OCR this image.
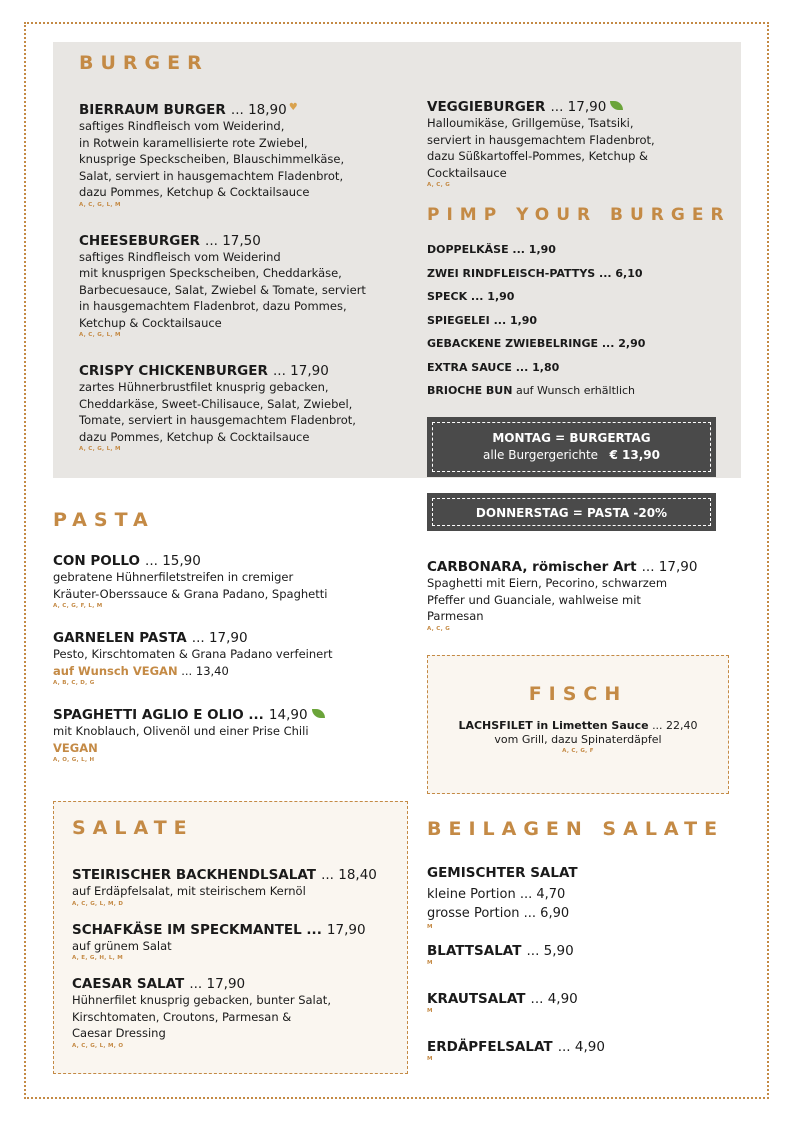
BURGER
BIERRAUM BURGER ... 18,90 ♥

saftiges Rindfleisch vom Weiderind,

in Rotwein karamellisierte rote Zwiebel,

knusprige Speckscheiben, Blauschimmelkäse,

Salat, serviert in hausgemachtem Fladenbrot,

dazu Pommes, Ketchup & Cocktailsauce

A, C, G, L, M

CHEESEBURGER ... 17,50

saftiges Rindfleisch vom Weiderind

mit knusprigen Speckscheiben, Cheddarkäse,

Barbecuesauce, Salat, Zwiebel & Tomate, serviert

in hausgemachtem Fladenbrot, dazu Pommes,

Ketchup & Cocktailsauce

A, C, G, L, M

CRISPY CHICKENBURGER ... 17,90

zartes Hühnerbrustfilet knusprig gebacken,

Cheddarkäse, Sweet-Chilisauce, Salat, Zwiebel,

Tomate, serviert in hausgemachtem Fladenbrot,

dazu Pommes, Ketchup & Cocktailsauce

A, C, G, L, M

VEGGIEBURGER ... 17,90

Halloumikäse, Grillgemüse, Tsatsiki,

serviert in hausgemachtem Fladenbrot,

dazu Süßkartoffel-Pommes, Ketchup &

Cocktailsauce

A, C, G

PIMP YOUR BURGER

DOPPELKÄSE ... 1,90

ZWEI RINDFLEISCH-PATTYS ... 6,10

SPECK ... 1,90

SPIEGELEI ... 1,90

GEBACKENE ZWIEBELRINGE ... 2,90

EXTRA SAUCE ... 1,80

BRIOCHE BUN auf Wunsch erhältlich

MONTAG = BURGERTAG
alle Burgergerichte € 13,90
DONNERSTAG = PASTA -20%
PASTA
CON POLLO ... 15,90

gebratene Hühnerfiletstreifen in cremiger

Kräuter-Oberssauce & Grana Padano, Spaghetti

A, C, G, F, L, M

GARNELEN PASTA ... 17,90

Pesto, Kirschtomaten & Grana Padano verfeinert

auf Wunsch VEGAN ... 13,40

A, B, C, D, G

SPAGHETTI AGLIO E OLIO ... 14,90

mit Knoblauch, Olivenöl und einer Prise Chili

VEGAN

A, O, G, L, H

CARBONARA, römischer Art ... 17,90

Spaghetti mit Eiern, Pecorino, schwarzem

Pfeffer und Guanciale, wahlweise mit

Parmesan

A, C, G

FISCH
LACHSFILET in Limetten Sauce ... 22,40
vom Grill, dazu Spinaterdäpfel
A, C, G, F
SALATE
STEIRISCHER BACKHENDLSALAT ... 18,40

auf Erdäpfelsalat, mit steirischem Kernöl

A, C, G, L, M, D

SCHAFKÄSE IM SPECKMANTEL ... 17,90

auf grünem Salat

A, E, G, H, L, M

CAESAR SALAT ... 17,90

Hühnerfilet knusprig gebacken, bunter Salat,

Kirschtomaten, Croutons, Parmesan &

Caesar Dressing

A, C, G, L, M, O

BEILAGEN SALATE
GEMISCHTER SALAT

kleine Portion ... 4,70

grosse Portion ... 6,90

M

BLATTSALAT ... 5,90

M

KRAUTSALAT ... 4,90

M

ERDÄPFELSALAT ... 4,90

M
